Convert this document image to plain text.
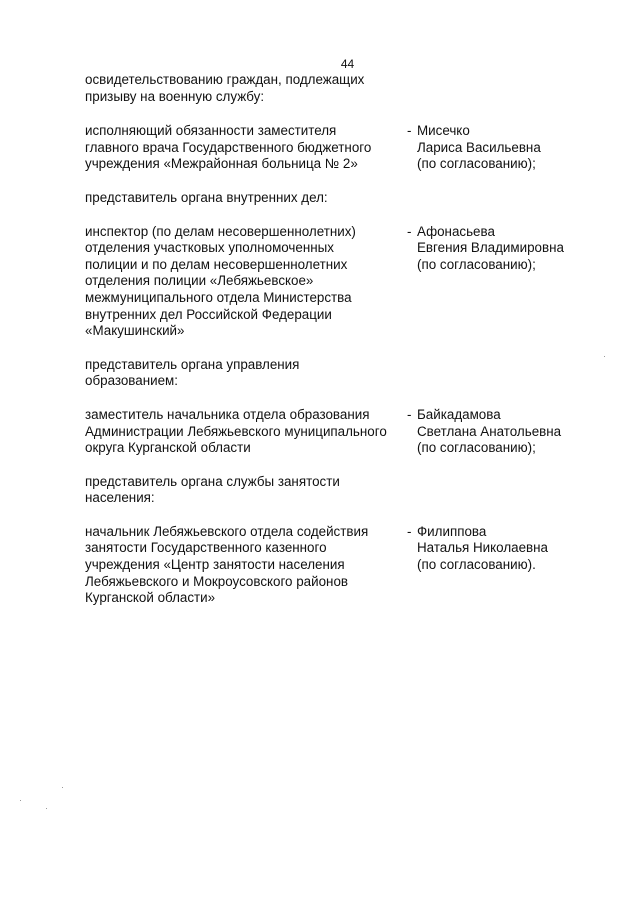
44

освидетельствованию граждан, подлежащих
призыву на военную службу:

исполняющий обязанности заместителя
главного врача Государственного бюджетного
учреждения «Межрайонная больница № 2»
- Мисечко
Лариса Васильевна
(по согласованию);
представитель органа внутренних дел:
инспектор (по делам несовершеннолетних)
отделения участковых уполномоченных
полиции и по делам несовершеннолетних
отделения полиции «Лебяжьевское»
межмуниципального отдела Министерства
внутренних дел Российской Федерации
«Макушинский»
- Афонасьева
Евгения Владимировна
(по согласованию);
представитель органа управления
образованием:
заместитель начальника отдела образования
Администрации Лебяжьевского муниципального
округа Курганской области
- Байкадамова
Светлана Анатольевна
(по согласованию);
представитель органа службы занятости
населения:
начальник Лебяжьевского отдела содействия
занятости Государственного казенного
учреждения «Центр занятости населения
Лебяжьевского и Мокроусовского районов
Курганской области»
- Филиппова
Наталья Николаевна
(по согласованию).
